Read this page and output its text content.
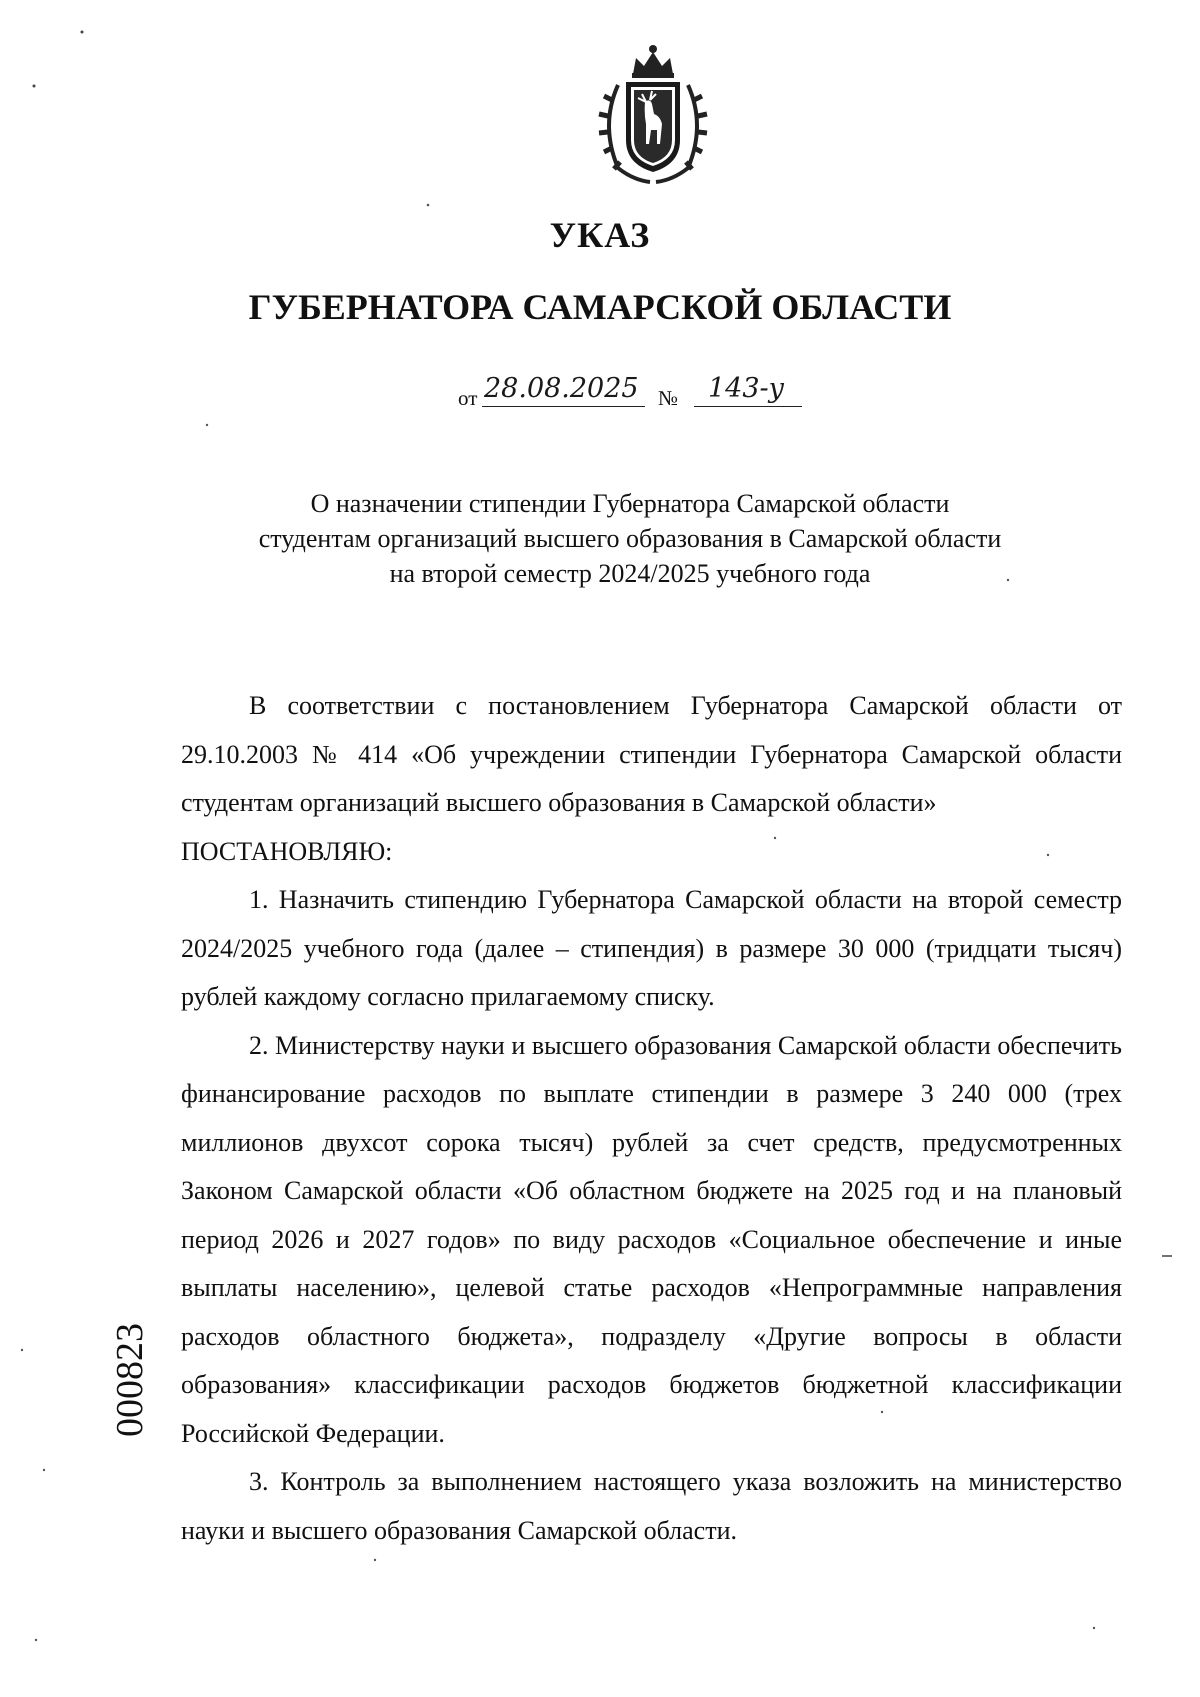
УКАЗ
ГУБЕРНАТОРА САМАРСКОЙ ОБЛАСТИ
от 28.08.2025 №	143-у
О назначении стипендии Губернатора Самарской области
студентам организаций высшего образования в Самарской области
на второй семестр 2024/2025 учебного года

В соответствии с постановлением Губернатора Самарской области от 29.10.2003 № 414 «Об учреждении стипендии Губернатора Самарской области студентам организаций высшего образования в Самарской области»

ПОСТАНОВЛЯЮ:

1. Назначить стипендию Губернатора Самарской области на второй семестр 2024/2025 учебного года (далее – стипендия) в размере 30 000 (тридцати тысяч) рублей каждому согласно прилагаемому списку.

2. Министерству науки и высшего образования Самарской области обеспечить финансирование расходов по выплате стипендии в размере 3 240 000 (трех миллионов двухсот сорока тысяч) рублей за счет средств, предусмотренных Законом Самарской области «Об областном бюджете на 2025 год и на плановый период 2026 и 2027 годов» по виду расходов «Социальное обеспечение и иные выплаты населению», целевой статье расходов «Непрограммные направления расходов областного бюджета», подразделу «Другие вопросы в области образования» классификации расходов бюджетов бюджетной классификации Российской Федерации.

3. Контроль за выполнением настоящего указа возложить на министерство науки и высшего образования Самарской области.

000823
